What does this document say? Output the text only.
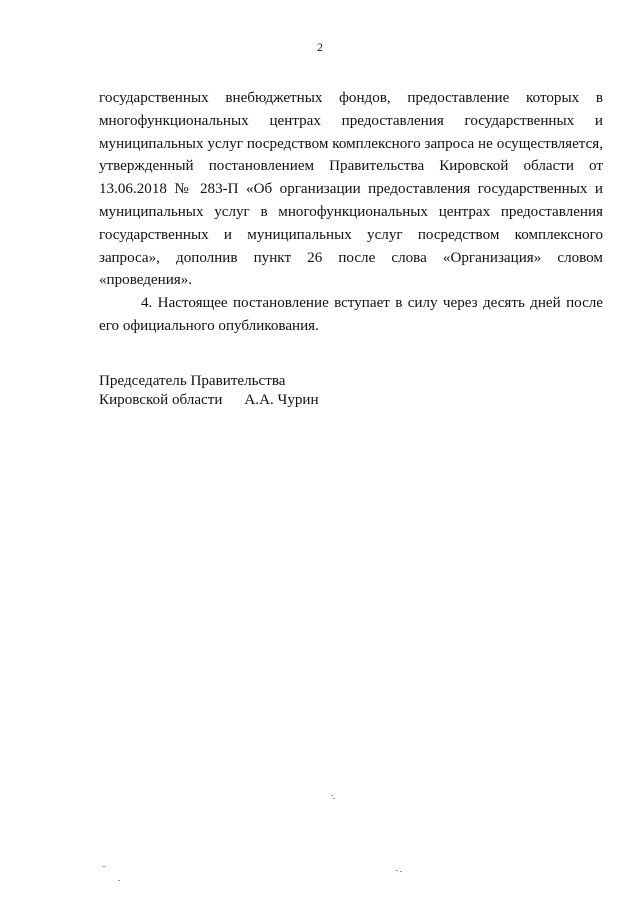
2

государственных внебюджетных фондов, предоставление которых в многофункциональных центрах предоставления государственных и муниципальных услуг посредством комплексного запроса не осуществляется, утвержденный постановлением Правительства Кировской области от 13.06.2018 № 283-П «Об организации предоставления государственных и муниципальных услуг в многофункциональных центрах предоставления государственных и муниципальных услуг посредством комплексного запроса», дополнив пункт 26 после слова «Организация» словом «проведения».

4. Настоящее постановление вступает в силу через десять дней после его официального опубликования.

Председатель Правительства
Кировской области А.А. Чурин
